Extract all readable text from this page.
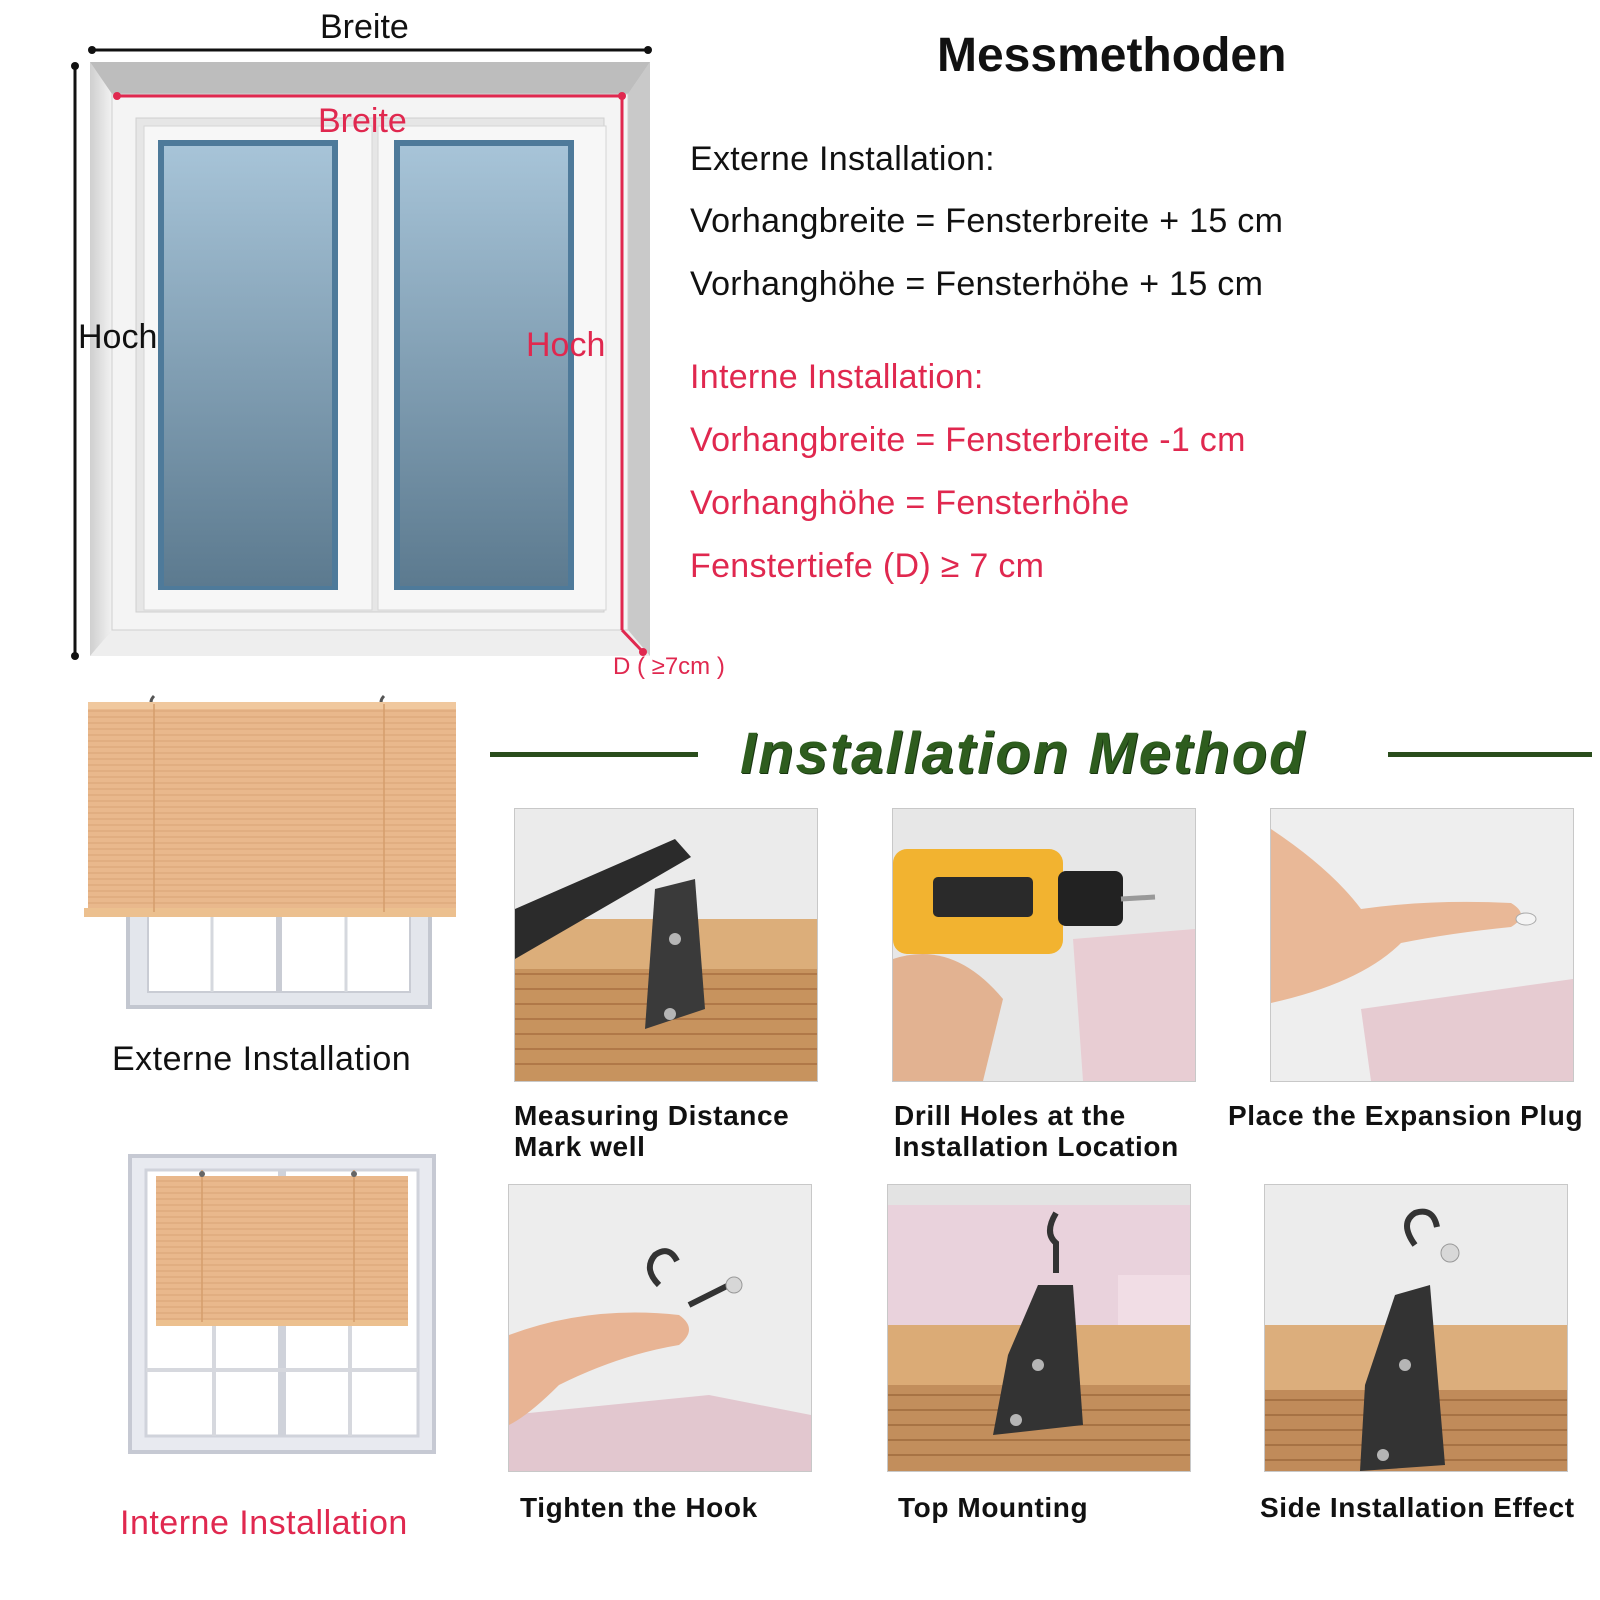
Breite
Breite
Hoch	Hoch
D ( ≥7cm )
Messmethoden
Externe Installation:
Vorhangbreite = Fensterbreite + 15 cm
Vorhanghöhe = Fensterhöhe + 15 cm
Interne Installation:
Vorhangbreite = Fensterbreite -1 cm
Vorhanghöhe = Fensterhöhe
Fenstertiefe (D) ≥ 7 cm
Installation Method
Externe Installation
Interne Installation
Measuring Distance
Mark well
Drill Holes at the
Installation Location
Place the Expansion Plug
Tighten the Hook	Top Mounting	Side Installation Effect
